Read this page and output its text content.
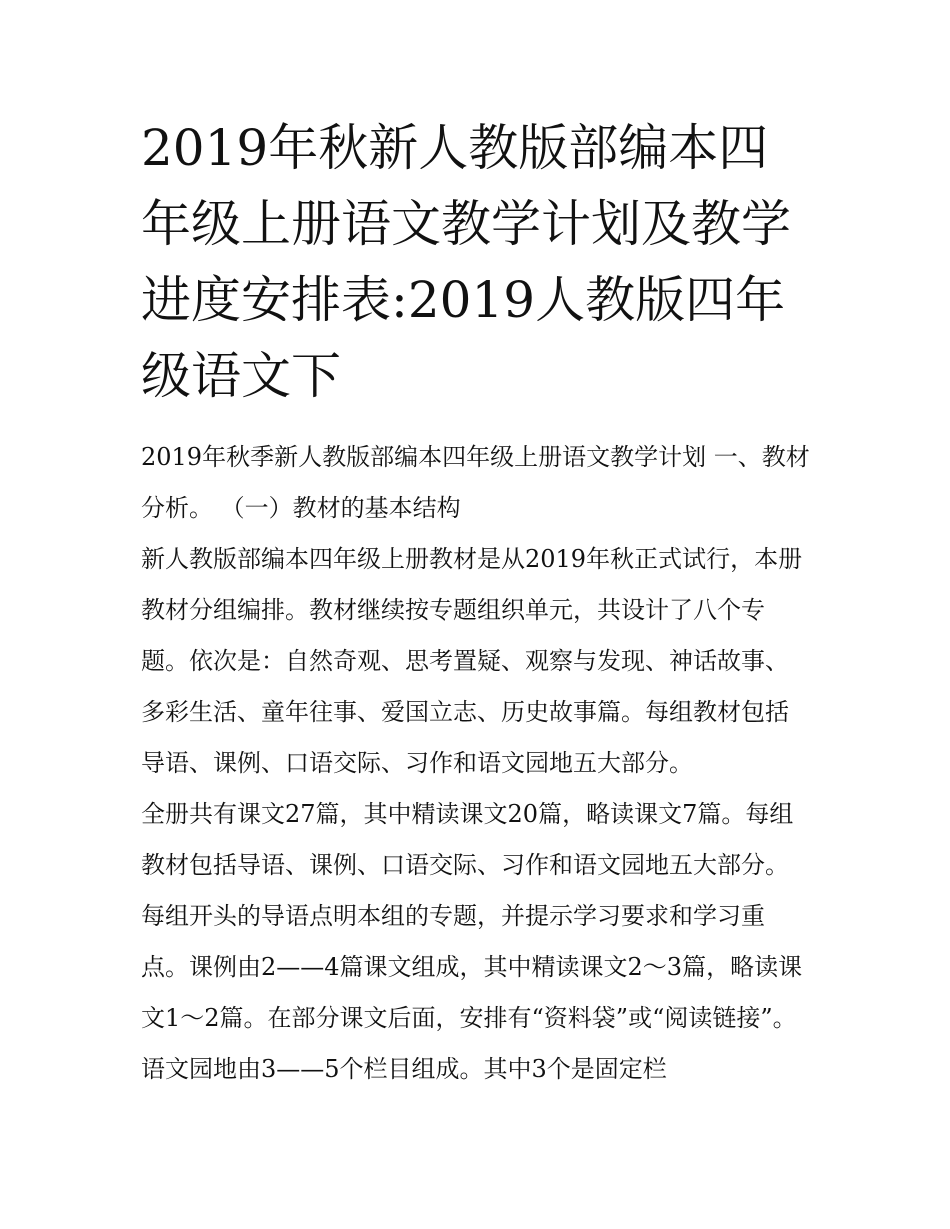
2019年秋新人教版部编本四年级上册语文教学计划及教学进度安排表:2019人教版四年级语文下

2019年秋季新人教版部编本四年级上册语文教学计划 一、教材分析。 （一）教材的基本结构

新人教版部编本四年级上册教材是从2019年秋正式试行，本册教材分组编排。教材继续按专题组织单元，共设计了八个专题。依次是：自然奇观、思考置疑、观察与发现、神话故事、多彩生活、童年往事、爱国立志、历史故事篇。每组教材包括导语、课例、口语交际、习作和语文园地五大部分。

全册共有课文27篇，其中精读课文20篇，略读课文7篇。每组教材包括导语、课例、口语交际、习作和语文园地五大部分。每组开头的导语点明本组的专题，并提示学习要求和学习重点。课例由2——4篇课文组成，其中精读课文2～3篇，略读课文1～2篇。在部分课文后面，安排有“资料袋”或“阅读链接”。语文园地由3——5个栏目组成。其中3个是固定栏
